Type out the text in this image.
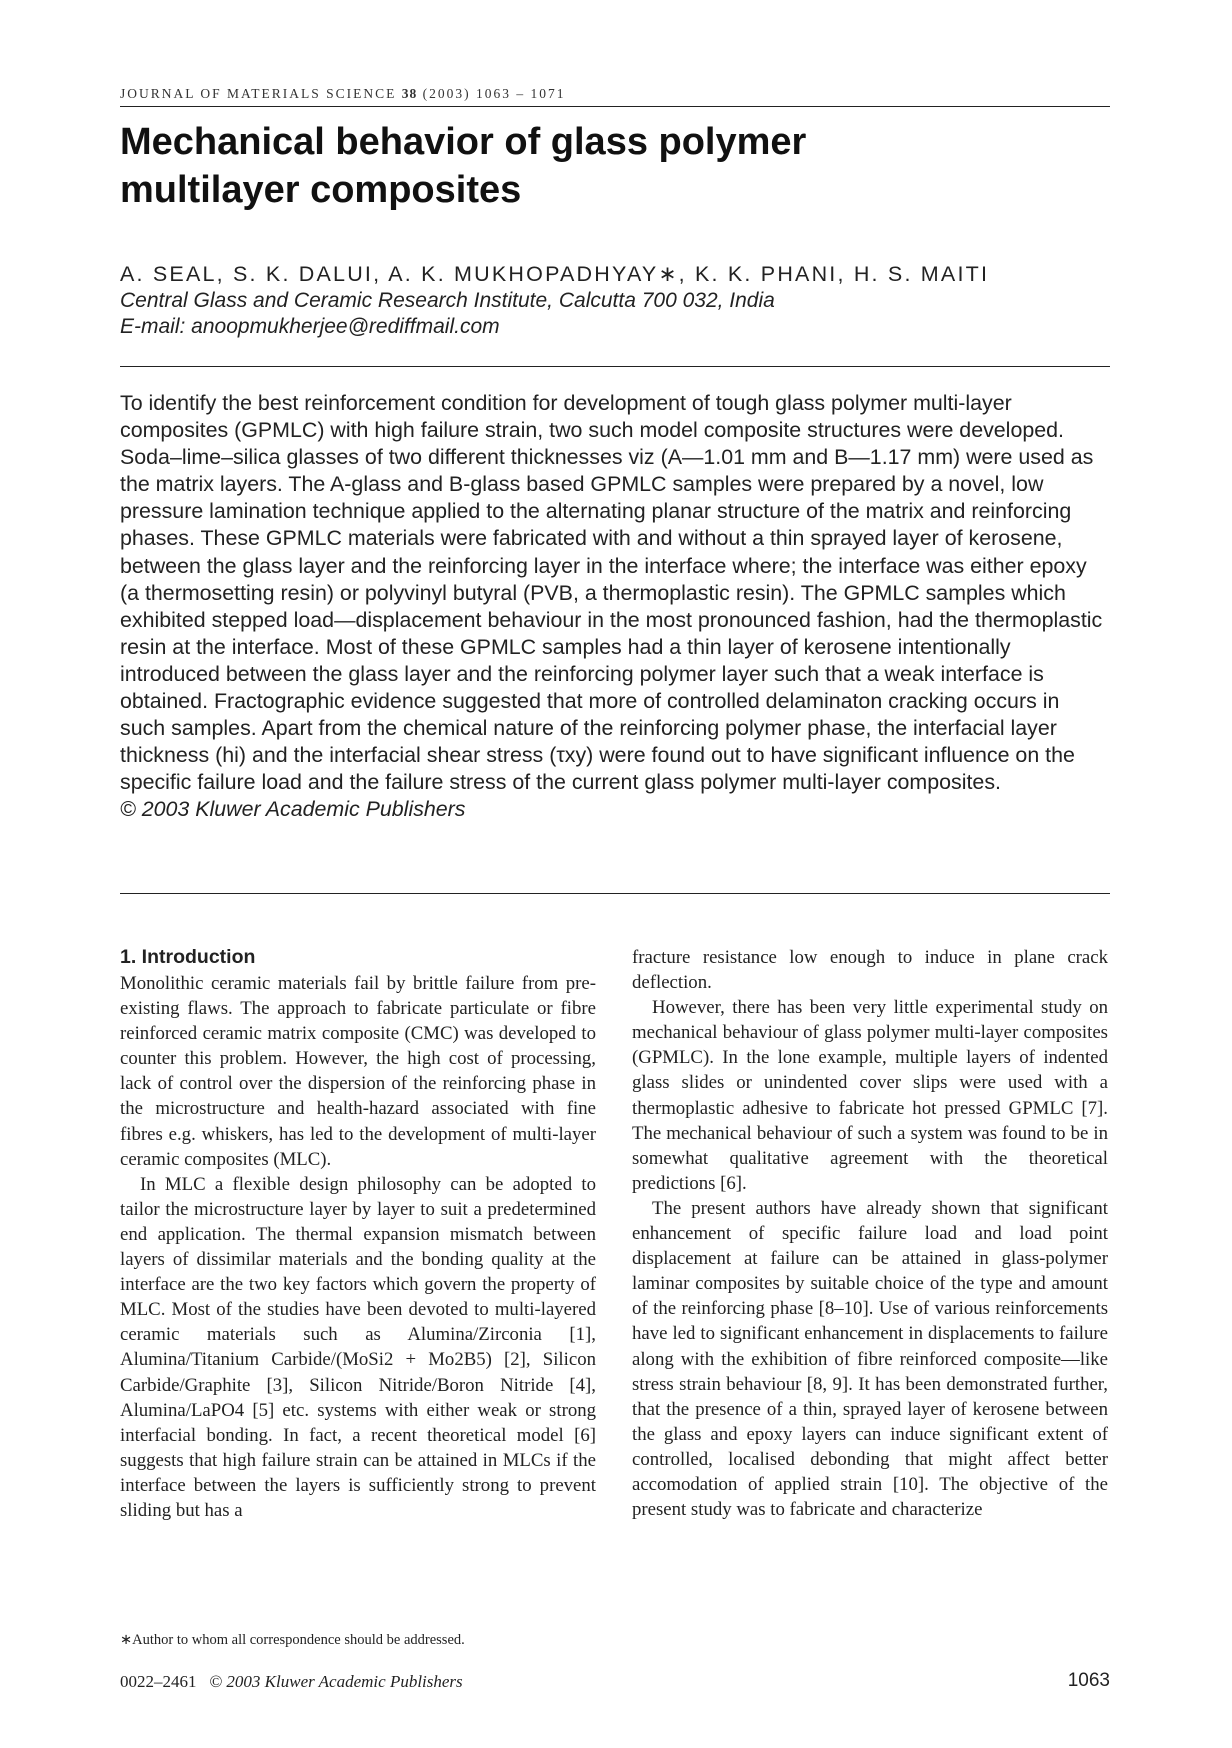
JOURNAL OF MATERIALS SCIENCE 38 (2003) 1063 – 1071
Mechanical behavior of glass polymer
multilayer composites
A. SEAL, S. K. DALUI, A. K. MUKHOPADHYAY∗, K. K. PHANI, H. S. MAITI
Central Glass and Ceramic Research Institute, Calcutta 700 032, India
E-mail: anoopmukherjee@rediffmail.com

To identify the best reinforcement condition for development of tough glass polymer multi-layer composites (GPMLC) with high failure strain, two such model composite structures were developed. Soda–lime–silica glasses of two different thicknesses viz (A—1.01 mm and B—1.17 mm) were used as the matrix layers. The A-glass and B-glass based GPMLC samples were prepared by a novel, low pressure lamination technique applied to the alternating planar structure of the matrix and reinforcing phases. These GPMLC materials were fabricated with and without a thin sprayed layer of kerosene, between the glass layer and the reinforcing layer in the interface where; the interface was either epoxy (a thermosetting resin) or polyvinyl butyral (PVB, a thermoplastic resin). The GPMLC samples which exhibited stepped load—displacement behaviour in the most pronounced fashion, had the thermoplastic resin at the interface. Most of these GPMLC samples had a thin layer of kerosene intentionally introduced between the glass layer and the reinforcing polymer layer such that a weak interface is obtained. Fractographic evidence suggested that more of controlled delaminaton cracking occurs in such samples. Apart from the chemical nature of the reinforcing polymer phase, the interfacial layer thickness (hi) and the interfacial shear stress (τxy) were found out to have significant influence on the specific failure load and the failure stress of the current glass polymer multi-layer composites.

© 2003 Kluwer Academic Publishers

1. Introduction

Monolithic ceramic materials fail by brittle failure from pre-existing flaws. The approach to fabricate particulate or fibre reinforced ceramic matrix composite (CMC) was developed to counter this problem. However, the high cost of processing, lack of control over the dispersion of the reinforcing phase in the microstructure and health-hazard associated with fine fibres e.g. whiskers, has led to the development of multi-layer ceramic composites (MLC).

In MLC a flexible design philosophy can be adopted to tailor the microstructure layer by layer to suit a predetermined end application. The thermal expansion mismatch between layers of dissimilar materials and the bonding quality at the interface are the two key factors which govern the property of MLC. Most of the studies have been devoted to multi-layered ceramic materials such as Alumina/Zirconia [1], Alumina/Titanium Carbide/(MoSi2 + Mo2B5) [2], Silicon Carbide/Graphite [3], Silicon Nitride/Boron Nitride [4], Alumina/LaPO4 [5] etc. systems with either weak or strong interfacial bonding. In fact, a recent theoretical model [6] suggests that high failure strain can be attained in MLCs if the interface between the layers is sufficiently strong to prevent sliding but has a

fracture resistance low enough to induce in plane crack deflection.

However, there has been very little experimental study on mechanical behaviour of glass polymer multi-layer composites (GPMLC). In the lone example, multiple layers of indented glass slides or unindented cover slips were used with a thermoplastic adhesive to fabricate hot pressed GPMLC [7]. The mechanical behaviour of such a system was found to be in somewhat qualitative agreement with the theoretical predictions [6].

The present authors have already shown that significant enhancement of specific failure load and load point displacement at failure can be attained in glass-polymer laminar composites by suitable choice of the type and amount of the reinforcing phase [8–10]. Use of various reinforcements have led to significant enhancement in displacements to failure along with the exhibition of fibre reinforced composite—like stress strain behaviour [8, 9]. It has been demonstrated further, that the presence of a thin, sprayed layer of kerosene between the glass and epoxy layers can induce significant extent of controlled, localised debonding that might affect better accomodation of applied strain [10]. The objective of the present study was to fabricate and characterize

∗Author to whom all correspondence should be addressed.
0022–2461 © 2003 Kluwer Academic Publishers	1063
